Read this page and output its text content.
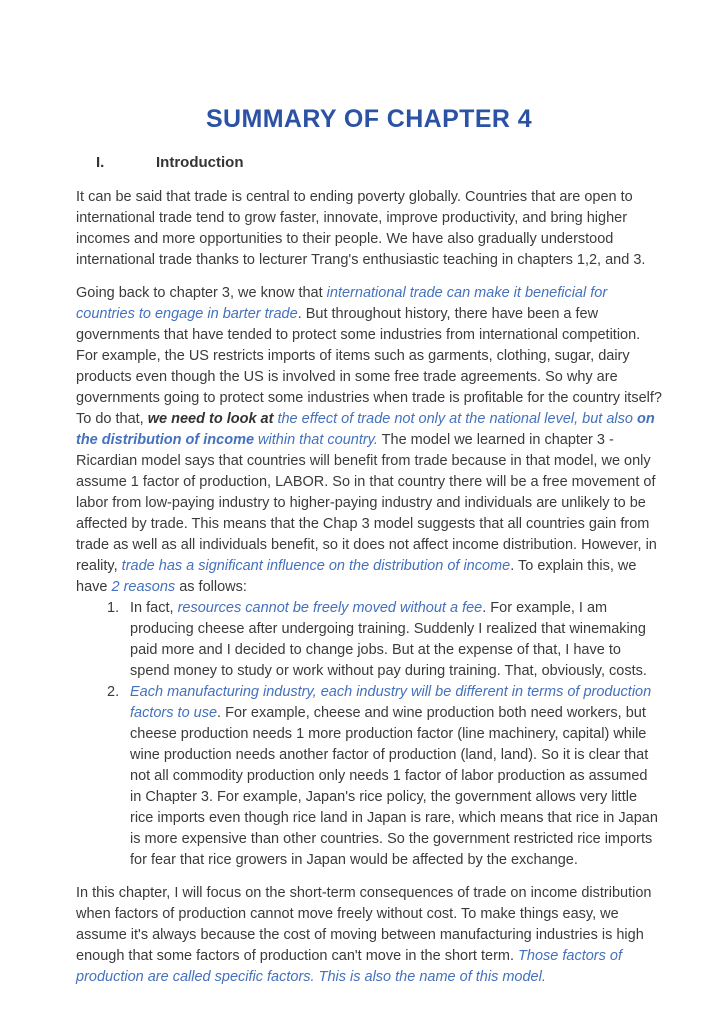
SUMMARY OF CHAPTER 4
I.	Introduction

It can be said that trade is central to ending poverty globally. Countries that are open to international trade tend to grow faster, innovate, improve productivity, and bring higher incomes and more opportunities to their people. We have also gradually understood international trade thanks to lecturer Trang's enthusiastic teaching in chapters 1,2, and 3.

Going back to chapter 3, we know that international trade can make it beneficial for countries to engage in barter trade. But throughout history, there have been a few governments that have tended to protect some industries from international competition. For example, the US restricts imports of items such as garments, clothing, sugar, dairy products even though the US is involved in some free trade agreements. So why are governments going to protect some industries when trade is profitable for the country itself? To do that, we need to look at the effect of trade not only at the national level, but also on the distribution of income within that country. The model we learned in chapter 3 - Ricardian model says that countries will benefit from trade because in that model, we only assume 1 factor of production, LABOR. So in that country there will be a free movement of labor from low-paying industry to higher-paying industry and individuals are unlikely to be affected by trade. This means that the Chap 3 model suggests that all countries gain from trade as well as all individuals benefit, so it does not affect income distribution. However, in reality, trade has a significant influence on the distribution of income. To explain this, we have 2 reasons as follows:

1. In fact, resources cannot be freely moved without a fee. For example, I am producing cheese after undergoing training. Suddenly I realized that winemaking paid more and I decided to change jobs. But at the expense of that, I have to spend money to study or work without pay during training. That, obviously, costs.
2. Each manufacturing industry, each industry will be different in terms of production factors to use. For example, cheese and wine production both need workers, but cheese production needs 1 more production factor (line machinery, capital) while wine production needs another factor of production (land, land). So it is clear that not all commodity production only needs 1 factor of labor production as assumed in Chapter 3. For example, Japan's rice policy, the government allows very little rice imports even though rice land in Japan is rare, which means that rice in Japan is more expensive than other countries. So the government restricted rice imports for fear that rice growers in Japan would be affected by the exchange.

In this chapter, I will focus on the short-term consequences of trade on income distribution when factors of production cannot move freely without cost. To make things easy, we assume it's always because the cost of moving between manufacturing industries is high enough that some factors of production can't move in the short term. Those factors of production are called specific factors. This is also the name of this model.
